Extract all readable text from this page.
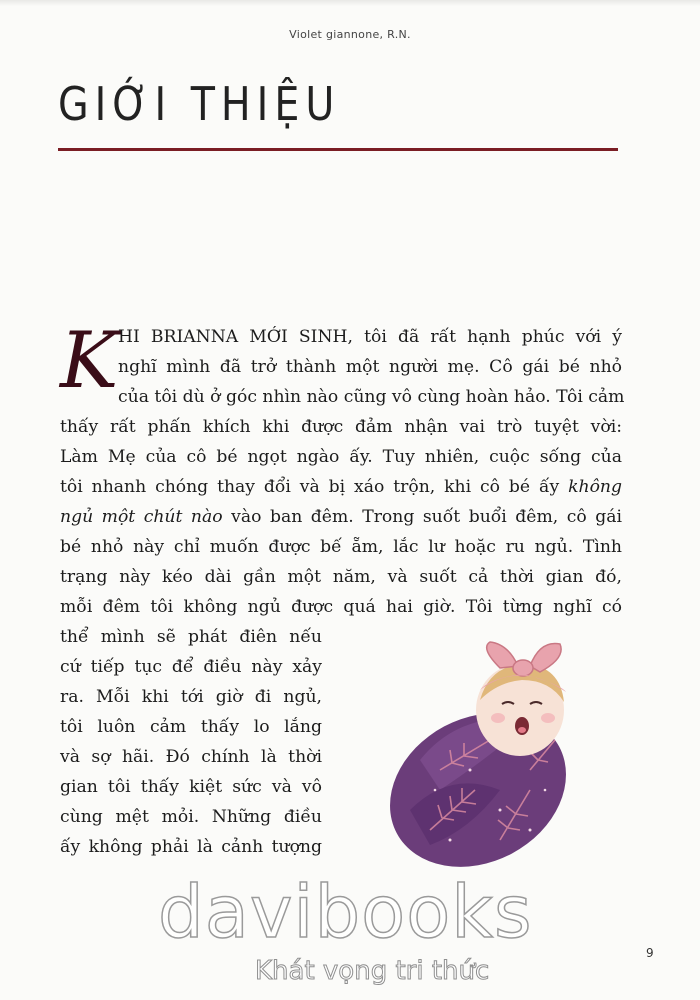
Violet giannone, R.N.
GIỚI THIỆU
K HI BRIANNA MỚI SINH, tôi đã rất hạnh phúc với ý
nghĩ mình đã trở thành một người mẹ. Cô gái bé nhỏ
của tôi dù ở góc nhìn nào cũng vô cùng hoàn hảo. Tôi cảm
thấy rất phấn khích khi được đảm nhận vai trò tuyệt vời:
Làm Mẹ của cô bé ngọt ngào ấy. Tuy nhiên, cuộc sống của
tôi nhanh chóng thay đổi và bị xáo trộn, khi cô bé ấy không
ngủ một chút nào vào ban đêm. Trong suốt buổi đêm, cô gái
bé nhỏ này chỉ muốn được bế ẵm, lắc lư hoặc ru ngủ. Tình
trạng này kéo dài gần một năm, và suốt cả thời gian đó,
mỗi đêm tôi không ngủ được quá hai giờ. Tôi từng nghĩ có
thể mình sẽ phát điên nếu
cứ tiếp tục để điều này xảy
ra. Mỗi khi tới giờ đi ngủ,
tôi luôn cảm thấy lo lắng
và sợ hãi. Đó chính là thời
gian tôi thấy kiệt sức và vô
cùng mệt mỏi. Những điều
ấy không phải là cảnh tượng
davibooks
Khát vọng tri thức
9
